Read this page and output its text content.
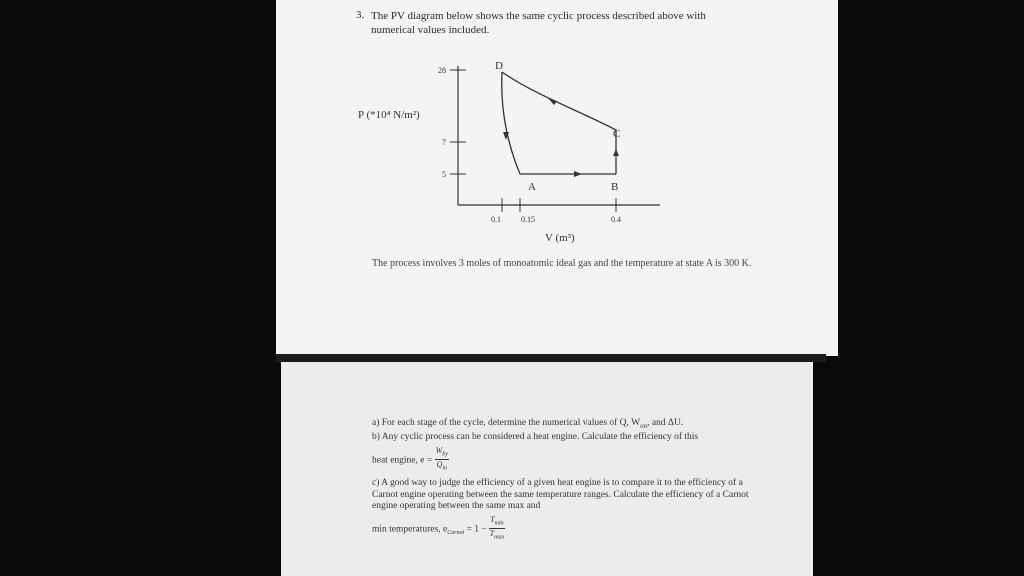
3. The PV diagram below shows the same cyclic process described above with numerical values included.
28
7
5
0.1	0.15	0.4
P (*10⁴ N/m²)
V (m³)
D
C
A	B
The process involves 3 moles of monoatomic ideal gas and the temperature at state A is 300 K.

a) For each stage of the cycle, determine the numerical values of Q, $W_{on}$, and ΔU.

b) Any cyclic process can be considered a heat engine. Calculate the efficiency of this

heat engine, $e = \frac{W_{by}}{Q_{in}}$

c) A good way to judge the efficiency of a given heat engine is to compare it to the efficiency of a Carnot engine operating between the same temperature ranges. Calculate the efficiency of a Carnot engine operating between the same max and

min temperatures, $e_{Carnot} = 1 - \frac{T_{min}}{T_{max}}$
